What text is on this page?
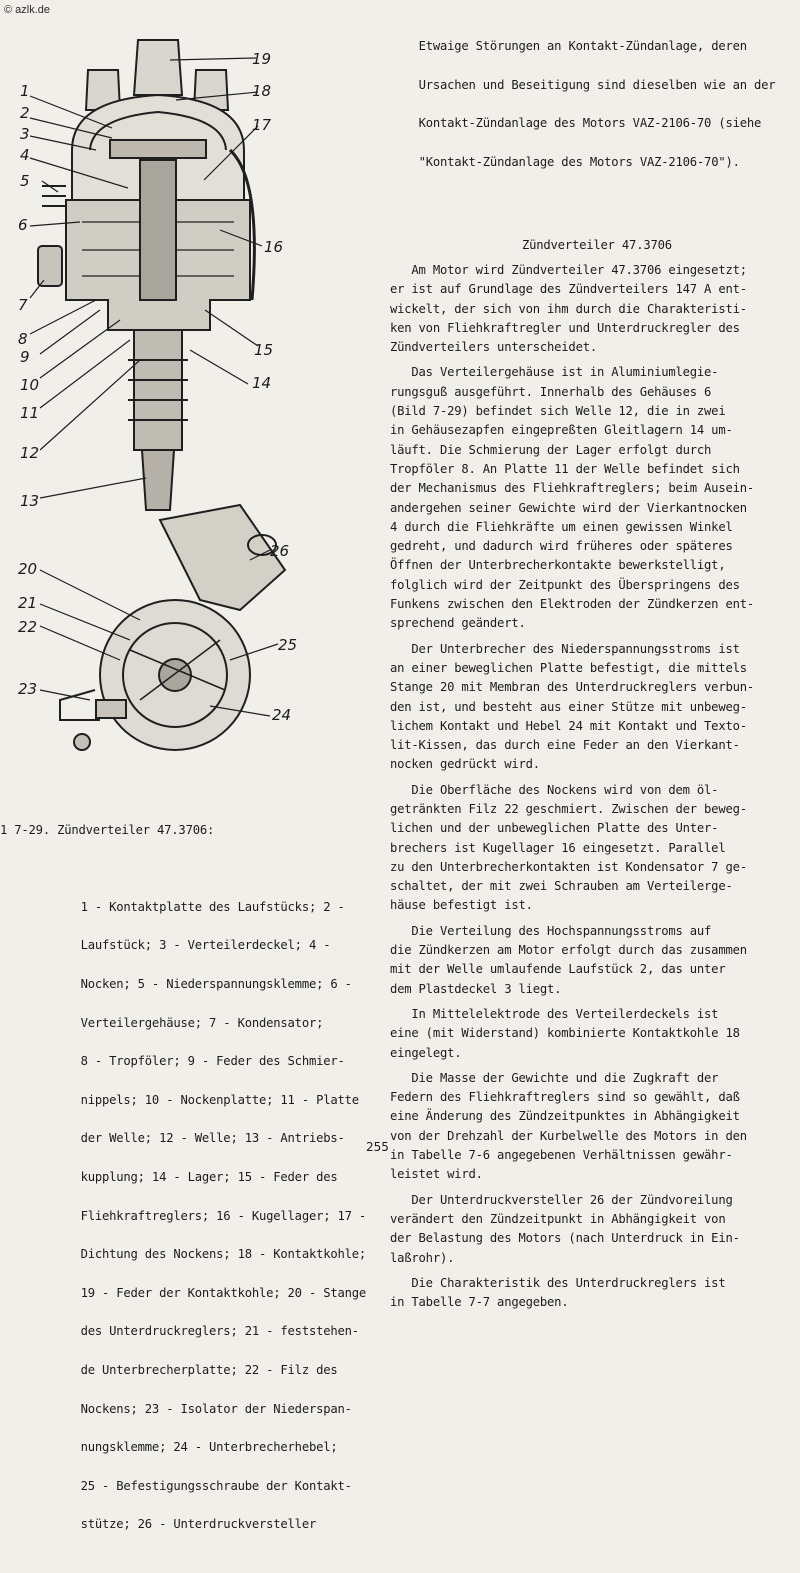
© azlk.de
1
2
3
4
5
6
7
8
9
10
11
12
13
14
15
16
17
18
19
20
21
22
23
24
25
26

1 7-29. Zündverteiler 47.3706:

1 - Kontaktplatte des Laufstücks; 2 -

Laufstück; 3 - Verteilerdeckel; 4 -

Nocken; 5 - Niederspannungsklemme; 6 -

Verteilergehäuse; 7 - Kondensator;

8 - Tropföler; 9 - Feder des Schmier-

nippels; 10 - Nockenplatte; 11 - Platte

der Welle; 12 - Welle; 13 - Antriebs-

kupplung; 14 - Lager; 15 - Feder des

Fliehkraftreglers; 16 - Kugellager; 17 -

Dichtung des Nockens; 18 - Kontaktkohle;

19 - Feder der Kontaktkohle; 20 - Stange

des Unterdruckreglers; 21 - feststehen-

de Unterbrecherplatte; 22 - Filz des

Nockens; 23 - Isolator der Niederspan-

nungsklemme; 24 - Unterbrecherhebel;

25 - Befestigungsschraube der Kontakt-

stütze; 26 - Unterdruckversteller

Etwaige Störungen an Kontakt-Zündanlage, deren

Ursachen und Beseitigung sind dieselben wie an der

Kontakt-Zündanlage des Motors VAZ-2106-70 (siehe

"Kontakt-Zündanlage des Motors VAZ-2106-70").

Zündverteiler 47.3706

Am Motor wird Zündverteiler 47.3706 eingesetzt;
er ist auf Grundlage des Zündverteilers 147 A ent-
wickelt, der sich von ihm durch die Charakteristi-
ken von Fliehkraftregler und Unterdruckregler des
Zündverteilers unterscheidet.

Das Verteilergehäuse ist in Aluminiumlegie-
rungsguß ausgeführt. Innerhalb des Gehäuses 6
(Bild 7-29) befindet sich Welle 12, die in zwei
in Gehäusezapfen eingepreßten Gleitlagern 14 um-
läuft. Die Schmierung der Lager erfolgt durch
Tropföler 8. An Platte 11 der Welle befindet sich
der Mechanismus des Fliehkraftreglers; beim Ausein-
andergehen seiner Gewichte wird der Vierkantnocken
4 durch die Fliehkräfte um einen gewissen Winkel
gedreht, und dadurch wird früheres oder späteres
Öffnen der Unterbrecherkontakte bewerkstelligt,
folglich wird der Zeitpunkt des Überspringens des
Funkens zwischen den Elektroden der Zündkerzen ent-
sprechend geändert.

Der Unterbrecher des Niederspannungsstroms ist
an einer beweglichen Platte befestigt, die mittels
Stange 20 mit Membran des Unterdruckreglers verbun-
den ist, und besteht aus einer Stütze mit unbeweg-
lichem Kontakt und Hebel 24 mit Kontakt und Texto-
lit-Kissen, das durch eine Feder an den Vierkant-
nocken gedrückt wird.

Die Oberfläche des Nockens wird von dem öl-
getränkten Filz 22 geschmiert. Zwischen der beweg-
lichen und der unbeweglichen Platte des Unter-
brechers ist Kugellager 16 eingesetzt. Parallel
zu den Unterbrecherkontakten ist Kondensator 7 ge-
schaltet, der mit zwei Schrauben am Verteilerge-
häuse befestigt ist.

Die Verteilung des Hochspannungsstroms auf
die Zündkerzen am Motor erfolgt durch das zusammen
mit der Welle umlaufende Laufstück 2, das unter
dem Plastdeckel 3 liegt.

In Mittelelektrode des Verteilerdeckels ist
eine (mit Widerstand) kombinierte Kontaktkohle 18
eingelegt.

Die Masse der Gewichte und die Zugkraft der
Federn des Fliehkraftreglers sind so gewählt, daß
eine Änderung des Zündzeitpunktes in Abhängigkeit
von der Drehzahl der Kurbelwelle des Motors in den
in Tabelle 7-6 angegebenen Verhältnissen gewähr-
leistet wird.

Der Unterdruckversteller 26 der Zündvoreilung
verändert den Zündzeitpunkt in Abhängigkeit von
der Belastung des Motors (nach Unterdruck in Ein-
laßrohr).

Die Charakteristik des Unterdruckreglers ist
in Tabelle 7-7 angegeben.

255
